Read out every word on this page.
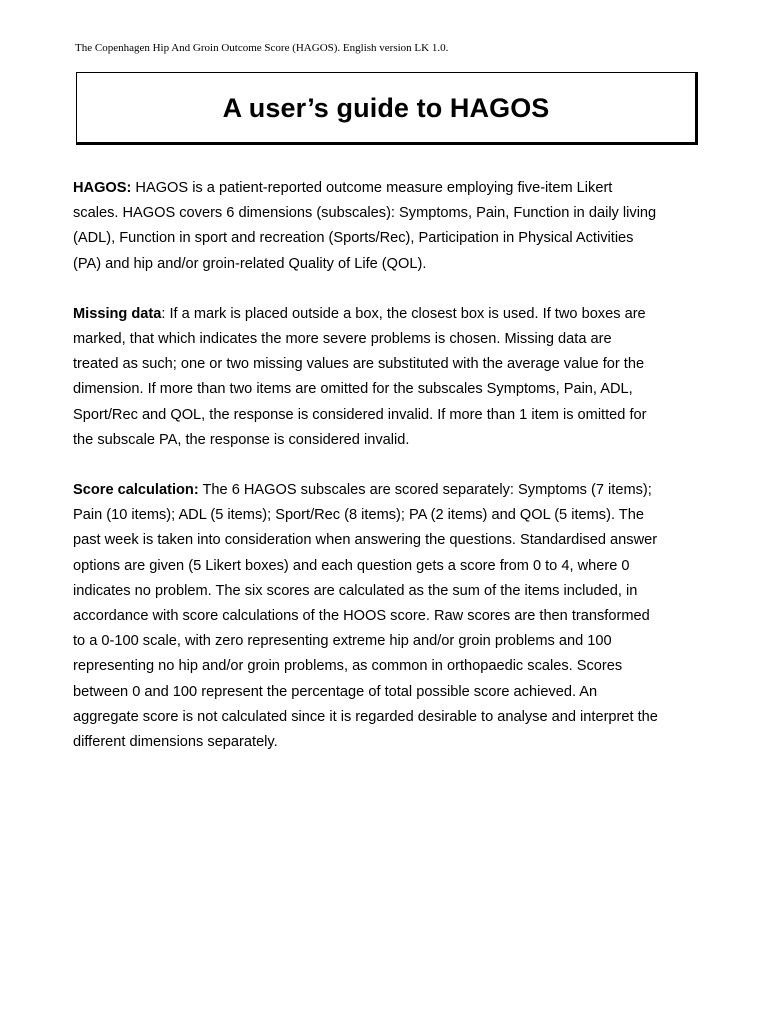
The Copenhagen Hip And Groin Outcome Score (HAGOS). English version LK 1.0.
A user’s guide to HAGOS
HAGOS: HAGOS is a patient-reported outcome measure employing five-item Likert
scales. HAGOS covers 6 dimensions (subscales): Symptoms, Pain, Function in daily living
(ADL), Function in sport and recreation (Sports/Rec), Participation in Physical Activities
(PA) and hip and/or groin-related Quality of Life (QOL).
Missing data: If a mark is placed outside a box, the closest box is used. If two boxes are
marked, that which indicates the more severe problems is chosen. Missing data are
treated as such; one or two missing values are substituted with the average value for the
dimension. If more than two items are omitted for the subscales Symptoms, Pain, ADL,
Sport/Rec and QOL, the response is considered invalid. If more than 1 item is omitted for
the subscale PA, the response is considered invalid.
Score calculation: The 6 HAGOS subscales are scored separately: Symptoms (7 items);
Pain (10 items); ADL (5 items); Sport/Rec (8 items); PA (2 items) and QOL (5 items). The
past week is taken into consideration when answering the questions. Standardised answer
options are given (5 Likert boxes) and each question gets a score from 0 to 4, where 0
indicates no problem. The six scores are calculated as the sum of the items included, in
accordance with score calculations of the HOOS score. Raw scores are then transformed
to a 0-100 scale, with zero representing extreme hip and/or groin problems and 100
representing no hip and/or groin problems, as common in orthopaedic scales. Scores
between 0 and 100 represent the percentage of total possible score achieved. An
aggregate score is not calculated since it is regarded desirable to analyse and interpret the
different dimensions separately.
